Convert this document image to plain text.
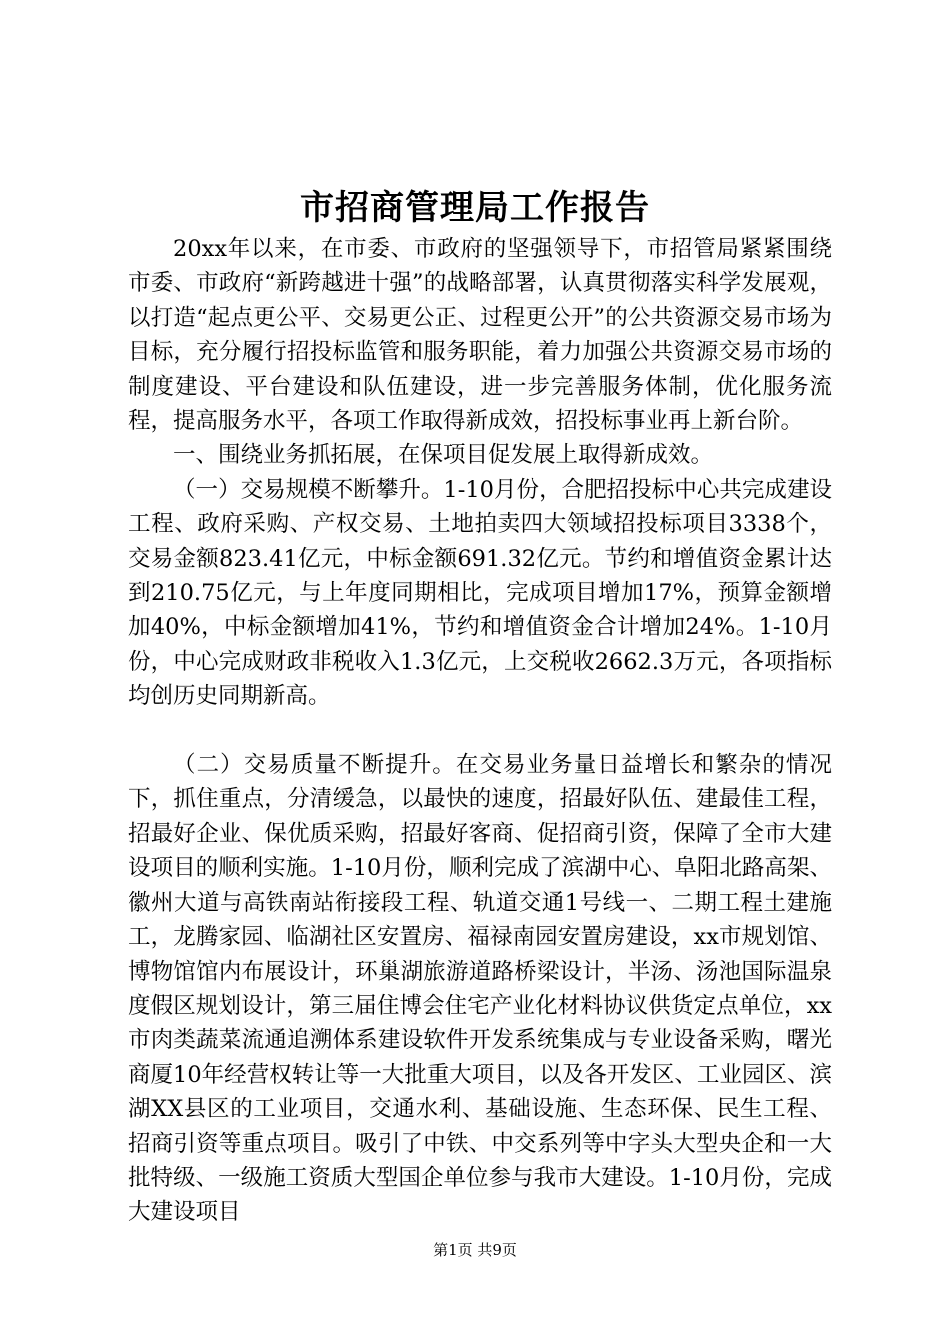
市招商管理局工作报告

20xx年以来，在市委、市政府的坚强领导下，市招管局紧紧围绕市委、市政府“新跨越进十强”的战略部署，认真贯彻落实科学发展观，以打造“起点更公平、交易更公正、过程更公开”的公共资源交易市场为目标，充分履行招投标监管和服务职能，着力加强公共资源交易市场的制度建设、平台建设和队伍建设，进一步完善服务体制，优化服务流程，提高服务水平，各项工作取得新成效，招投标事业再上新台阶。

一、围绕业务抓拓展，在保项目促发展上取得新成效。

（一）交易规模不断攀升。1-10月份，合肥招投标中心共完成建设工程、政府采购、产权交易、土地拍卖四大领域招投标项目3338个，交易金额823.41亿元，中标金额691.32亿元。节约和增值资金累计达到210.75亿元，与上年度同期相比，完成项目增加17%，预算金额增加40%，中标金额增加41%，节约和增值资金合计增加24%。1-10月份，中心完成财政非税收入1.3亿元，上交税收2662.3万元，各项指标均创历史同期新高。

（二）交易质量不断提升。在交易业务量日益增长和繁杂的情况下，抓住重点，分清缓急，以最快的速度，招最好队伍、建最佳工程，招最好企业、保优质采购，招最好客商、促招商引资，保障了全市大建设项目的顺利实施。1-10月份，顺利完成了滨湖中心、阜阳北路高架、徽州大道与高铁南站衔接段工程、轨道交通1号线一、二期工程土建施工，龙腾家园、临湖社区安置房、福禄南园安置房建设，xx市规划馆、博物馆馆内布展设计，环巢湖旅游道路桥梁设计，半汤、汤池国际温泉度假区规划设计，第三届住博会住宅产业化材料协议供货定点单位，xx市肉类蔬菜流通追溯体系建设软件开发系统集成与专业设备采购，曙光商厦10年经营权转让等一大批重大项目，以及各开发区、工业园区、滨湖XX县区的工业项目，交通水利、基础设施、生态环保、民生工程、招商引资等重点项目。吸引了中铁、中交系列等中字头大型央企和一大批特级、一级施工资质大型国企单位参与我市大建设。1-10月份，完成大建设项目

第1页 共9页
